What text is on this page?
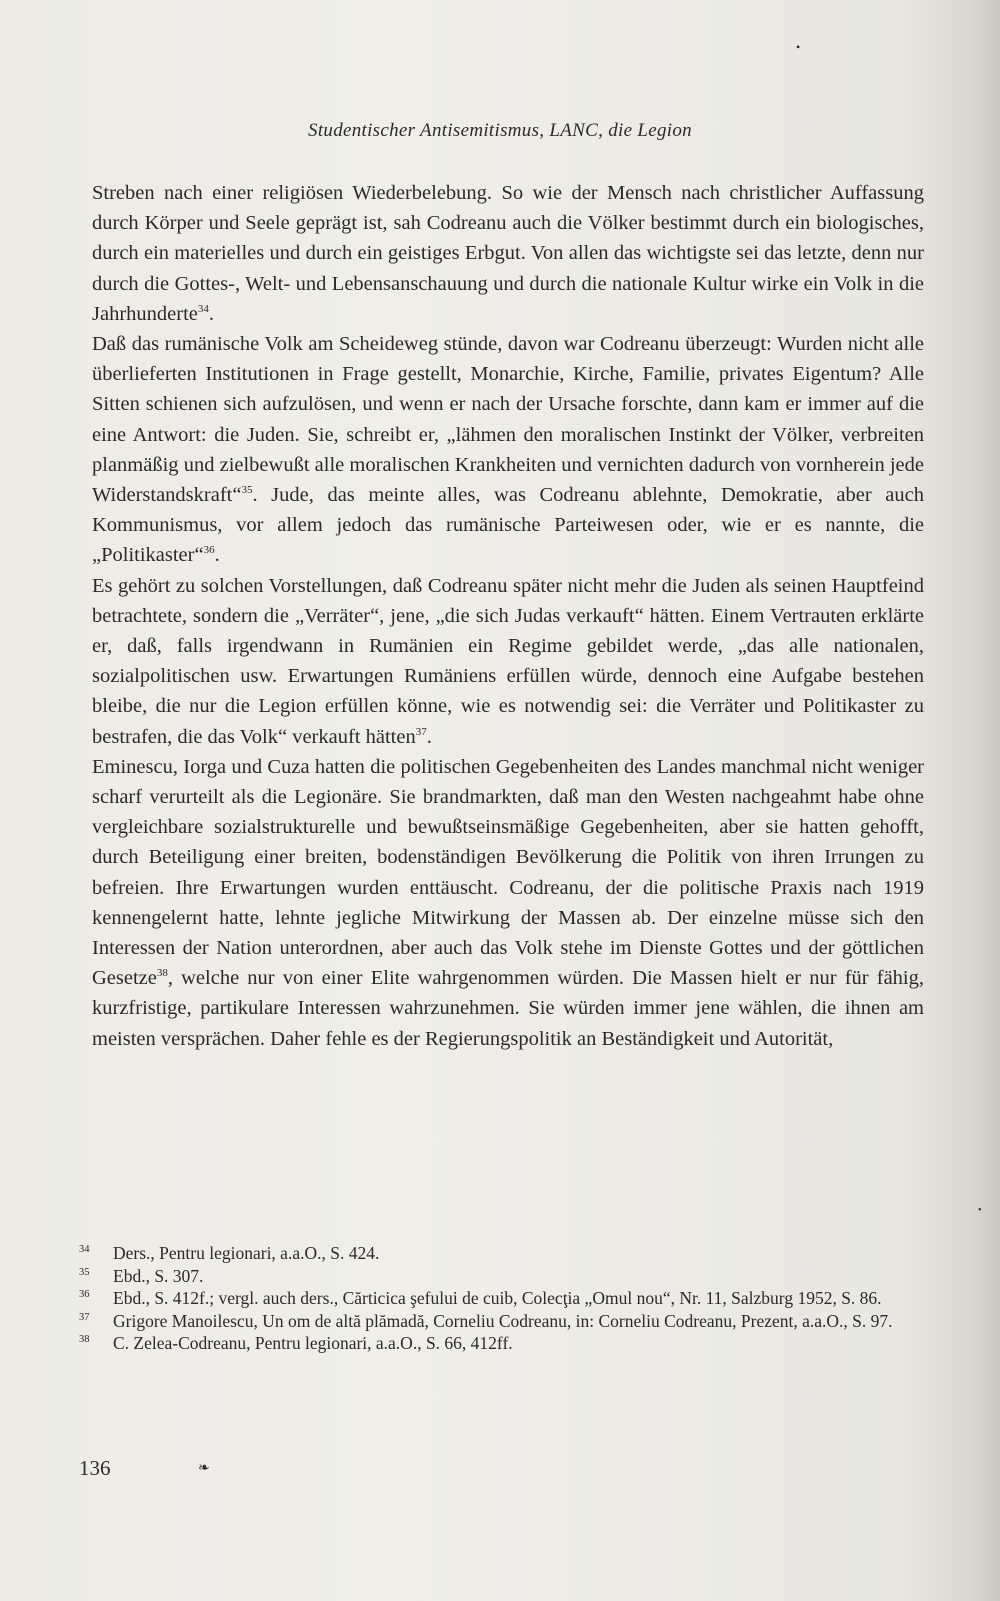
•
Studentischer Antisemitismus, LANC, die Legion

Streben nach einer religiösen Wiederbelebung. So wie der Mensch nach christlicher Auffassung durch Körper und Seele geprägt ist, sah Codreanu auch die Völker bestimmt durch ein biologisches, durch ein materielles und durch ein geistiges Erbgut. Von allen das wichtigste sei das letzte, denn nur durch die Gottes-, Welt- und Lebensanschauung und durch die nationale Kultur wirke ein Volk in die Jahrhunderte$^{34}$.

Daß das rumänische Volk am Scheideweg stünde, davon war Codreanu überzeugt: Wurden nicht alle überlieferten Institutionen in Frage gestellt, Monarchie, Kirche, Familie, privates Eigentum? Alle Sitten schienen sich aufzulösen, und wenn er nach der Ursache forschte, dann kam er immer auf die eine Antwort: die Juden. Sie, schreibt er, „lähmen den moralischen Instinkt der Völker, verbreiten planmäßig und zielbewußt alle moralischen Krankheiten und vernichten dadurch von vornherein jede Widerstandskraft“$^{35}$. Jude, das meinte alles, was Codreanu ablehnte, Demokratie, aber auch Kommunismus, vor allem jedoch das rumänische Parteiwesen oder, wie er es nannte, die „Politikaster“$^{36}$.

Es gehört zu solchen Vorstellungen, daß Codreanu später nicht mehr die Juden als seinen Hauptfeind betrachtete, sondern die „Verräter“, jene, „die sich Judas verkauft“ hätten. Einem Vertrauten erklärte er, daß, falls irgendwann in Rumänien ein Regime gebildet werde, „das alle nationalen, sozialpolitischen usw. Erwartungen Rumäniens erfüllen würde, dennoch eine Aufgabe bestehen bleibe, die nur die Legion erfüllen könne, wie es notwendig sei: die Verräter und Politikaster zu bestrafen, die das Volk“ verkauft hätten$^{37}$.

Eminescu, Iorga und Cuza hatten die politischen Gegebenheiten des Landes manchmal nicht weniger scharf verurteilt als die Legionäre. Sie brandmarkten, daß man den Westen nachgeahmt habe ohne vergleichbare sozialstrukturelle und bewußtseinsmäßige Gegebenheiten, aber sie hatten gehofft, durch Beteiligung einer breiten, bodenständigen Bevölkerung die Politik von ihren Irrungen zu befreien. Ihre Erwartungen wurden enttäuscht. Codreanu, der die politische Praxis nach 1919 kennengelernt hatte, lehnte jegliche Mitwirkung der Massen ab. Der einzelne müsse sich den Interessen der Nation unterordnen, aber auch das Volk stehe im Dienste Gottes und der göttlichen Gesetze$^{38}$, welche nur von einer Elite wahrgenommen würden. Die Massen hielt er nur für fähig, kurzfristige, partikulare Interessen wahrzunehmen. Sie würden immer jene wählen, die ihnen am meisten versprächen. Daher fehle es der Regierungspolitik an Beständigkeit und Autorität,

34 Ders., Pentru legionari, a.a.O., S. 424.
35 Ebd., S. 307.
36 Ebd., S. 412f.; vergl. auch ders., Cărticica şefului de cuib, Colecţia „Omul nou“, Nr. 11, Salzburg 1952, S. 86.
37 Grigore Manoilescu, Un om de altă plămadă, Corneliu Codreanu, in: Corneliu Codreanu, Prezent, a.a.O., S. 97.
38 C. Zelea-Codreanu, Pentru legionari, a.a.O., S. 66, 412ff.
136	❧
•
